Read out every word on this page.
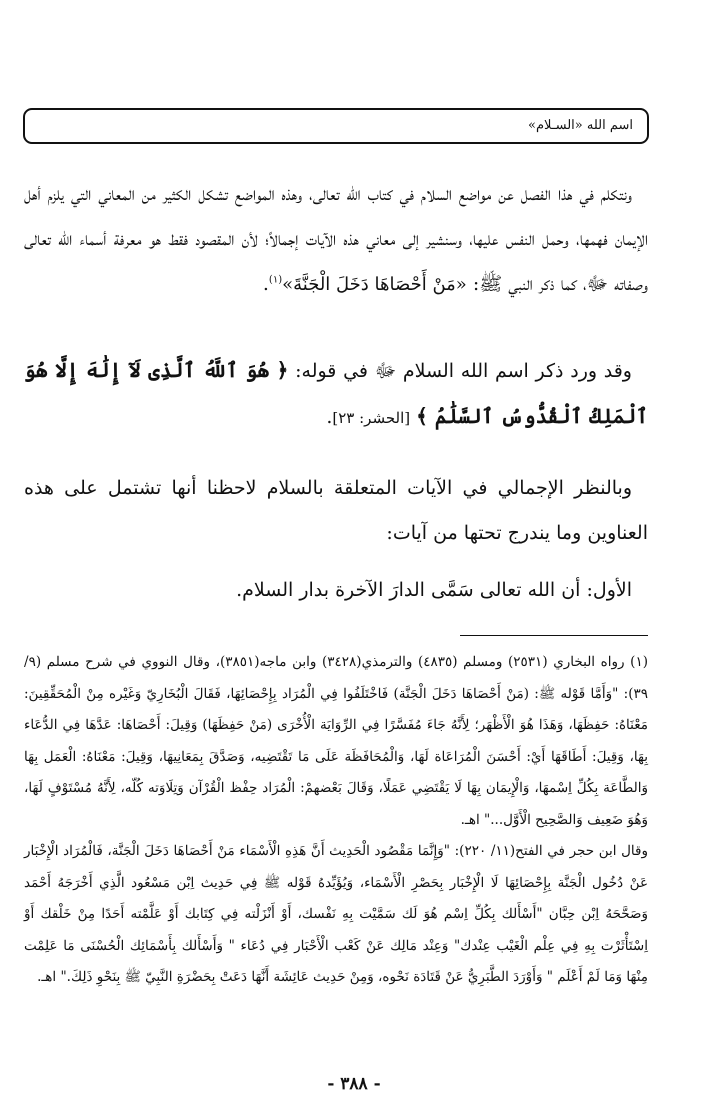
اسم الله «السـلام»

ونتكلم في هذا الفصل عن مواضع السلام في كتاب الله تعالى، وهذه المواضع تشكل الكثير من المعاني التي يلزم أهل الإيمان فهمها، وحمل النفس عليها، وسنشير إلى معاني هذه الآيات إجمالاً؛ لأن المقصود فقط هو معرفة أسماء الله تعالى وصفاته ﷻ، كما ذكر النبي ﷺ: «مَنْ أَحْصَاهَا دَخَلَ الْجَنَّةَ»$^{(١)}$.

وقد ورد ذكر اسم الله السلام ﷻ في قوله: ﴿ هُوَ ٱللَّهُ ٱلَّذِى لَآ إِلَٰهَ إِلَّا هُوَ ٱلْمَلِكُ ٱلْقُدُّوسُ ٱلسَّلَٰمُ ﴾ [الحشر: ٢٣].

وبالنظر الإجمالي في الآيات المتعلقة بالسلام لاحظنا أنها تشتمل على هذه العناوين وما يندرج تحتها من آيات:

الأول: أن الله تعالى سَمَّى الدارَ الآخرة بدار السلام.

(١) رواه البخاري (٢٥٣١) ومسلم (٤٨٣٥) والترمذي(٣٤٢٨) وابن ماجه(٣٨٥١)، وقال النووي في شرح مسلم (٩/ ٣٩): "وَأَمَّا قَوْله ﷺ: (مَنْ أَحْصَاهَا دَخَلَ الْجَنَّة) فَاخْتَلَفُوا فِي الْمُرَاد بِإِحْصَائِهَا، فَقَالَ الْبُخَارِيّ وَغَيْره مِنْ الْمُحَقِّقِينَ: مَعْنَاهُ: حَفِظَهَا، وَهَذَا هُوَ الْأَظْهَر؛ لِأَنَّهُ جَاءَ مُفَسَّرًا فِي الرِّوَايَة الْأُخْرَى (مَنْ حَفِظَهَا) وَقِيلَ: أَحْصَاهَا: عَدَّهَا فِي الدُّعَاء بِهَا، وَقِيلَ: أَطَاقَهَا أَيْ: أَحْسَنَ الْمُرَاعَاة لَهَا، وَالْمُحَافَظَة عَلَى مَا تَقْتَضِيه، وَصَدَّقَ بِمَعَانِيهَا، وَقِيلَ: مَعْنَاهُ: الْعَمَل بِهَا وَالطَّاعَة بِكُلِّ اِسْمهَا، وَالْإِيمَان بِهَا لَا يَقْتَضِي عَمَلًا، وَقَالَ بَعْضهمْ: الْمُرَاد حِفْظ الْقُرْآن وَتِلَاوَته كُلّه، لِأَنَّهُ مُسْتَوْفٍ لَهَا، وَهُوَ ضَعِيف وَالصَّحِيح الْأَوَّل..." اهـ.

وقال ابن حجر في الفتح(١١/ ٢٢٠): "وَإِنَّمَا مَقْصُود الْحَدِيث أَنَّ هَذِهِ الْأَسْمَاء مَنْ أَحْصَاهَا دَخَلَ الْجَنَّة، فَالْمُرَاد الْإِخْبَار عَنْ دُخُول الْجَنَّة بِإِحْصَائِهَا لَا الْإِخْبَار بِحَصْرِ الْأَسْمَاء، وَيُؤَيِّدهُ قَوْله ﷺ فِي حَدِيث اِبْن مَسْعُود الَّذِي أَخْرَجَهُ أَحْمَد وَصَحَّحَهُ اِبْن حِبَّان "أَسْأَلك بِكُلِّ اِسْم هُوَ لَك سَمَّيْت بِهِ نَفْسك، أَوْ أَنْزَلْته فِي كِتَابك أَوْ عَلَّمْته أَحَدًا مِنْ خَلْقك أَوْ اِسْتَأْثَرْت بِهِ فِي عِلْم الْغَيْب عِنْدك" وَعِنْد مَالِك عَنْ كَعْب الْأَحْبَار فِي دُعَاء " وَأَسْأَلك بِأَسْمَائِك الْحُسْنَى مَا عَلِمْت مِنْهَا وَمَا لَمْ أَعْلَم " وَأَوْرَدَ الطَّبَرِيُّ عَنْ قَتَادَة نَحْوه، وَمِنْ حَدِيث عَائِشَة أَنَّهَا دَعَتْ بِحَضْرَةِ النَّبِيّ ﷺ بِنَحْوِ ذَلِكَ." اهـ.

- ٣٨٨ -
